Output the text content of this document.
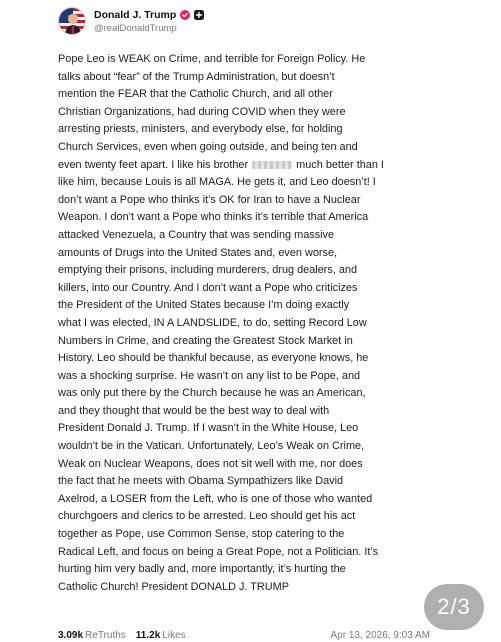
Donald J. Trump
@realDonaldTrump
Pope Leo is WEAK on Crime, and terrible for Foreign Policy. He
talks about “fear” of the Trump Administration, but doesn’t
mention the FEAR that the Catholic Church, and all other
Christian Organizations, had during COVID when they were
arresting priests, ministers, and everybody else, for holding
Church Services, even when going outside, and being ten and
even twenty feet apart. I like his brother	much better than I
like him, because Louis is all MAGA. He gets it, and Leo doesn’t! I
don’t want a Pope who thinks it’s OK for Iran to have a Nuclear
Weapon. I don’t want a Pope who thinks it’s terrible that America
attacked Venezuela, a Country that was sending massive
amounts of Drugs into the United States and, even worse,
emptying their prisons, including murderers, drug dealers, and
killers, into our Country. And I don’t want a Pope who criticizes
the President of the United States because I’m doing exactly
what I was elected, IN A LANDSLIDE, to do, setting Record Low
Numbers in Crime, and creating the Greatest Stock Market in
History. Leo should be thankful because, as everyone knows, he
was a shocking surprise. He wasn’t on any list to be Pope, and
was only put there by the Church because he was an American,
and they thought that would be the best way to deal with
President Donald J. Trump. If I wasn’t in the White House, Leo
wouldn’t be in the Vatican. Unfortunately, Leo’s Weak on Crime,
Weak on Nuclear Weapons, does not sit well with me, nor does
the fact that he meets with Obama Sympathizers like David
Axelrod, a LOSER from the Left, who is one of those who wanted
churchgoers and clerics to be arrested. Leo should get his act
together as Pope, use Common Sense, stop catering to the
Radical Left, and focus on being a Great Pope, not a Politician. It’s
hurting him very badly and, more importantly, it’s hurting the
Catholic Church! President DONALD J. TRUMP
3.09k ReTruths 11.2k Likes	Apr 13, 2026, 9:03 AM
2/3
